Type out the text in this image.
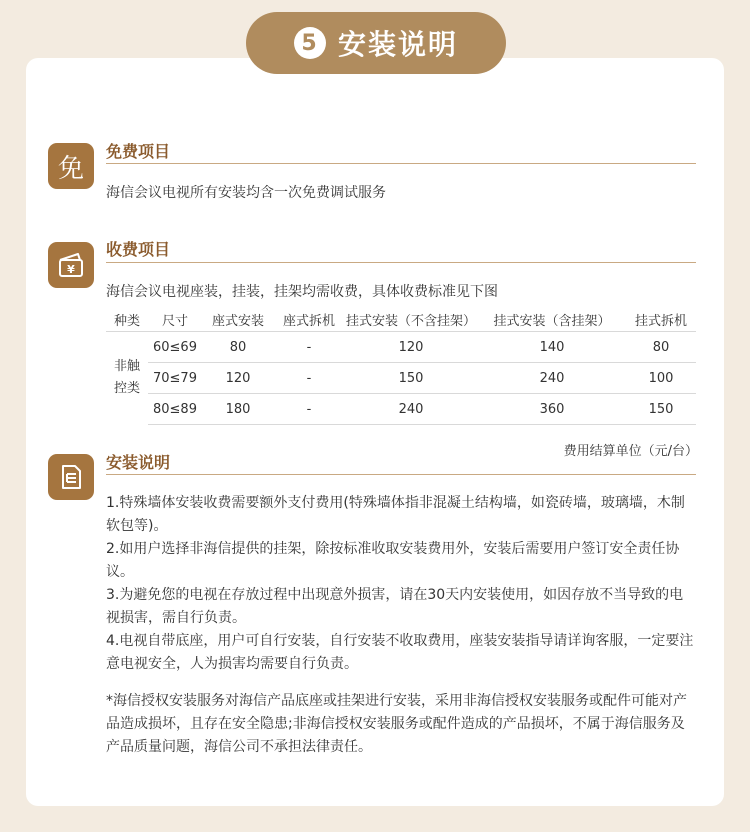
5 安装说明
免
免费项目
海信会议电视所有安装均含一次免费调试服务
¥
收费项目
海信会议电视座装，挂装，挂架均需收费，具体收费标准见下图
种类	尺寸	座式安装	座式拆机	挂式安装（不含挂架）	挂式安装（含挂架）	挂式拆机

非触
控类	60≤69	80	-	120	140	80
	70≤79	120	-	150	240	100
	80≤89	180	-	240	360	150
费用结算单位（元/台）
安装说明

1.特殊墙体安装收费需要额外支付费用(特殊墙体指非混凝土结构墙，如瓷砖墙，玻璃墙，木制软包等)。

2.如用户选择非海信提供的挂架，除按标准收取安装费用外，安装后需要用户签订安全责任协议。

3.为避免您的电视在存放过程中出现意外损害，请在30天内安装使用，如因存放不当导致的电视损害，需自行负责。

4.电视自带底座，用户可自行安装，自行安装不收取费用，座装安装指导请详询客服，一定要注意电视安全，人为损害均需要自行负责。

*海信授权安装服务对海信产品底座或挂架进行安装，采用非海信授权安装服务或配件可能对产品造成损坏，且存在安全隐患;非海信授权安装服务或配件造成的产品损坏，不属于海信服务及产品质量问题，海信公司不承担法律责任。
